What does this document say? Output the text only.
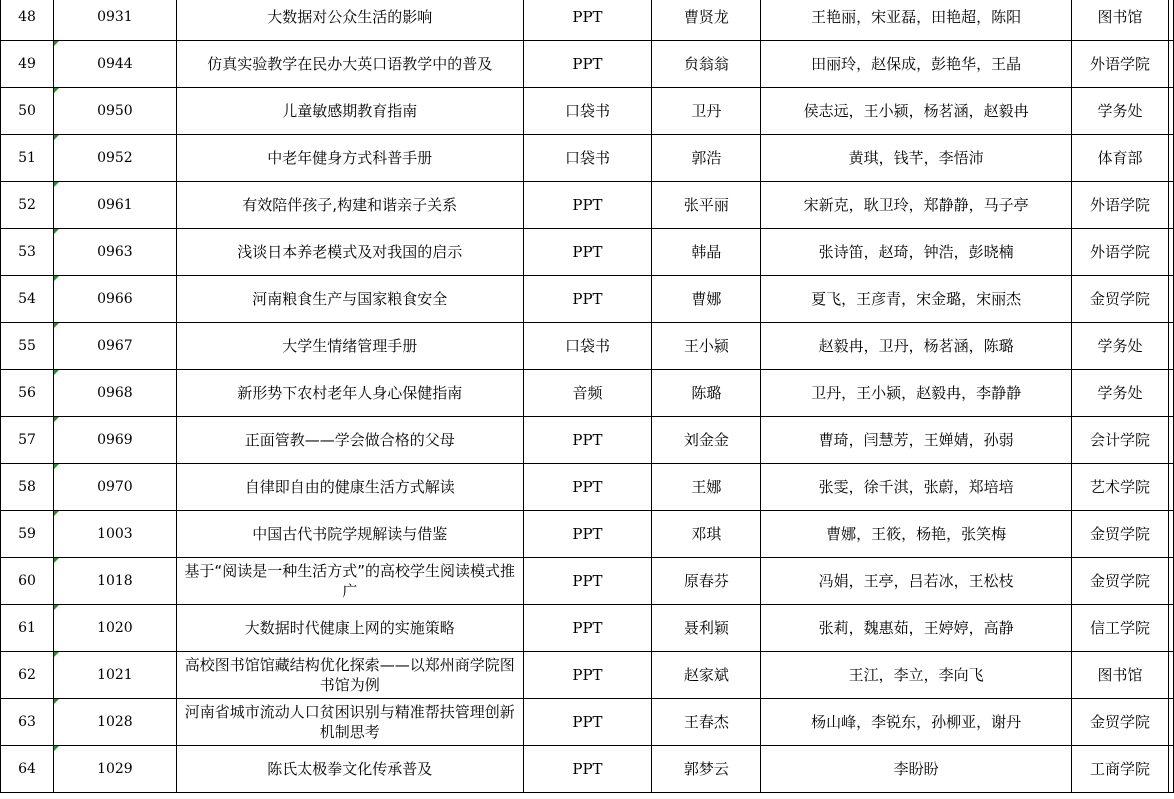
48	0931	大数据对公众生活的影响	PPT	曹贤龙	王艳丽，宋亚磊，田艳超，陈阳	图书馆	
49	0944	仿真实验教学在民办大英口语教学中的普及	PPT	贠翁翁	田丽玲，赵保成，彭艳华，王晶	外语学院	
50	0950	儿童敏感期教育指南	口袋书	卫丹	侯志远，王小颍，杨茗涵，赵毅冉	学务处	
51	0952	中老年健身方式科普手册	口袋书	郭浩	黄琪，钱芊，李悟沛	体育部	
52	0961	有效陪伴孩子,构建和谐亲子关系	PPT	张平丽	宋新克，耿卫玲，郑静静，马子亭	外语学院	
53	0963	浅谈日本养老模式及对我国的启示	PPT	韩晶	张诗笛，赵琦，钟浩，彭晓楠	外语学院	
54	0966	河南粮食生产与国家粮食安全	PPT	曹娜	夏飞，王彦青，宋金璐，宋丽杰	金贸学院	
55	0967	大学生情绪管理手册	口袋书	王小颍	赵毅冉，卫丹，杨茗涵，陈璐	学务处	
56	0968	新形势下农村老年人身心保健指南	音频	陈璐	卫丹，王小颍，赵毅冉，李静静	学务处	
57	0969	正面管教——学会做合格的父母	PPT	刘金金	曹琦，闫慧芳，王婵婧，孙弱	会计学院	
58	0970	自律即自由的健康生活方式解读	PPT	王娜	张雯，徐千淇，张蔚，郑培培	艺术学院	
59	1003	中国古代书院学规解读与借鉴	PPT	邓琪	曹娜，王筱，杨艳，张笑梅	金贸学院	
60	1018	基于“阅读是一种生活方式”的高校学生阅读模式推广	PPT	原春芬	冯娟，王亭，吕若冰，王松枝	金贸学院	
61	1020	大数据时代健康上网的实施策略	PPT	聂利颖	张莉，魏惠茹，王婷婷，高静	信工学院	
62	1021	高校图书馆馆藏结构优化探索——以郑州商学院图书馆为例	PPT	赵家斌	王江，李立，李向飞	图书馆	
63	1028	河南省城市流动人口贫困识别与精准帮扶管理创新机制思考	PPT	王春杰	杨山峰，李锐东，孙柳亚，谢丹	金贸学院	
64	1029	陈氏太极拳文化传承普及	PPT	郭梦云	李盼盼	工商学院	
